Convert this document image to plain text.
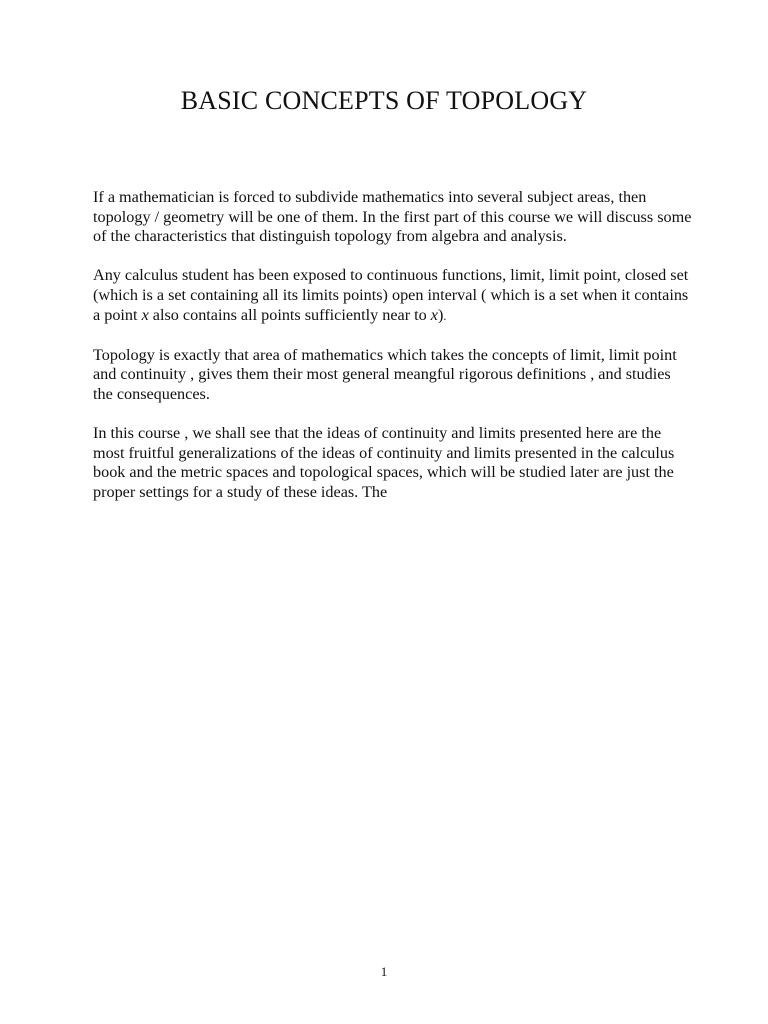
BASIC CONCEPTS OF TOPOLOGY

If a mathematician is forced to subdivide mathematics into several subject areas, then topology / geometry will be one of them. In the first part of this course we will discuss some of the characteristics that distinguish topology from algebra and analysis.

Any calculus student has been exposed to continuous functions, limit, limit point, closed set (which is a set containing all its limits points) open interval ( which is a set when it contains a point x also contains all points sufficiently near to x).

Topology is exactly that area of mathematics which takes the concepts of limit, limit point and continuity , gives them their most general meangful rigorous definitions , and studies the consequences.

In this course , we shall see that the ideas of continuity and limits presented here are the most fruitful generalizations of the ideas of continuity and limits presented in the calculus book and the metric spaces and topological spaces, which will be studied later are just the proper settings for a study of these ideas. The

1
